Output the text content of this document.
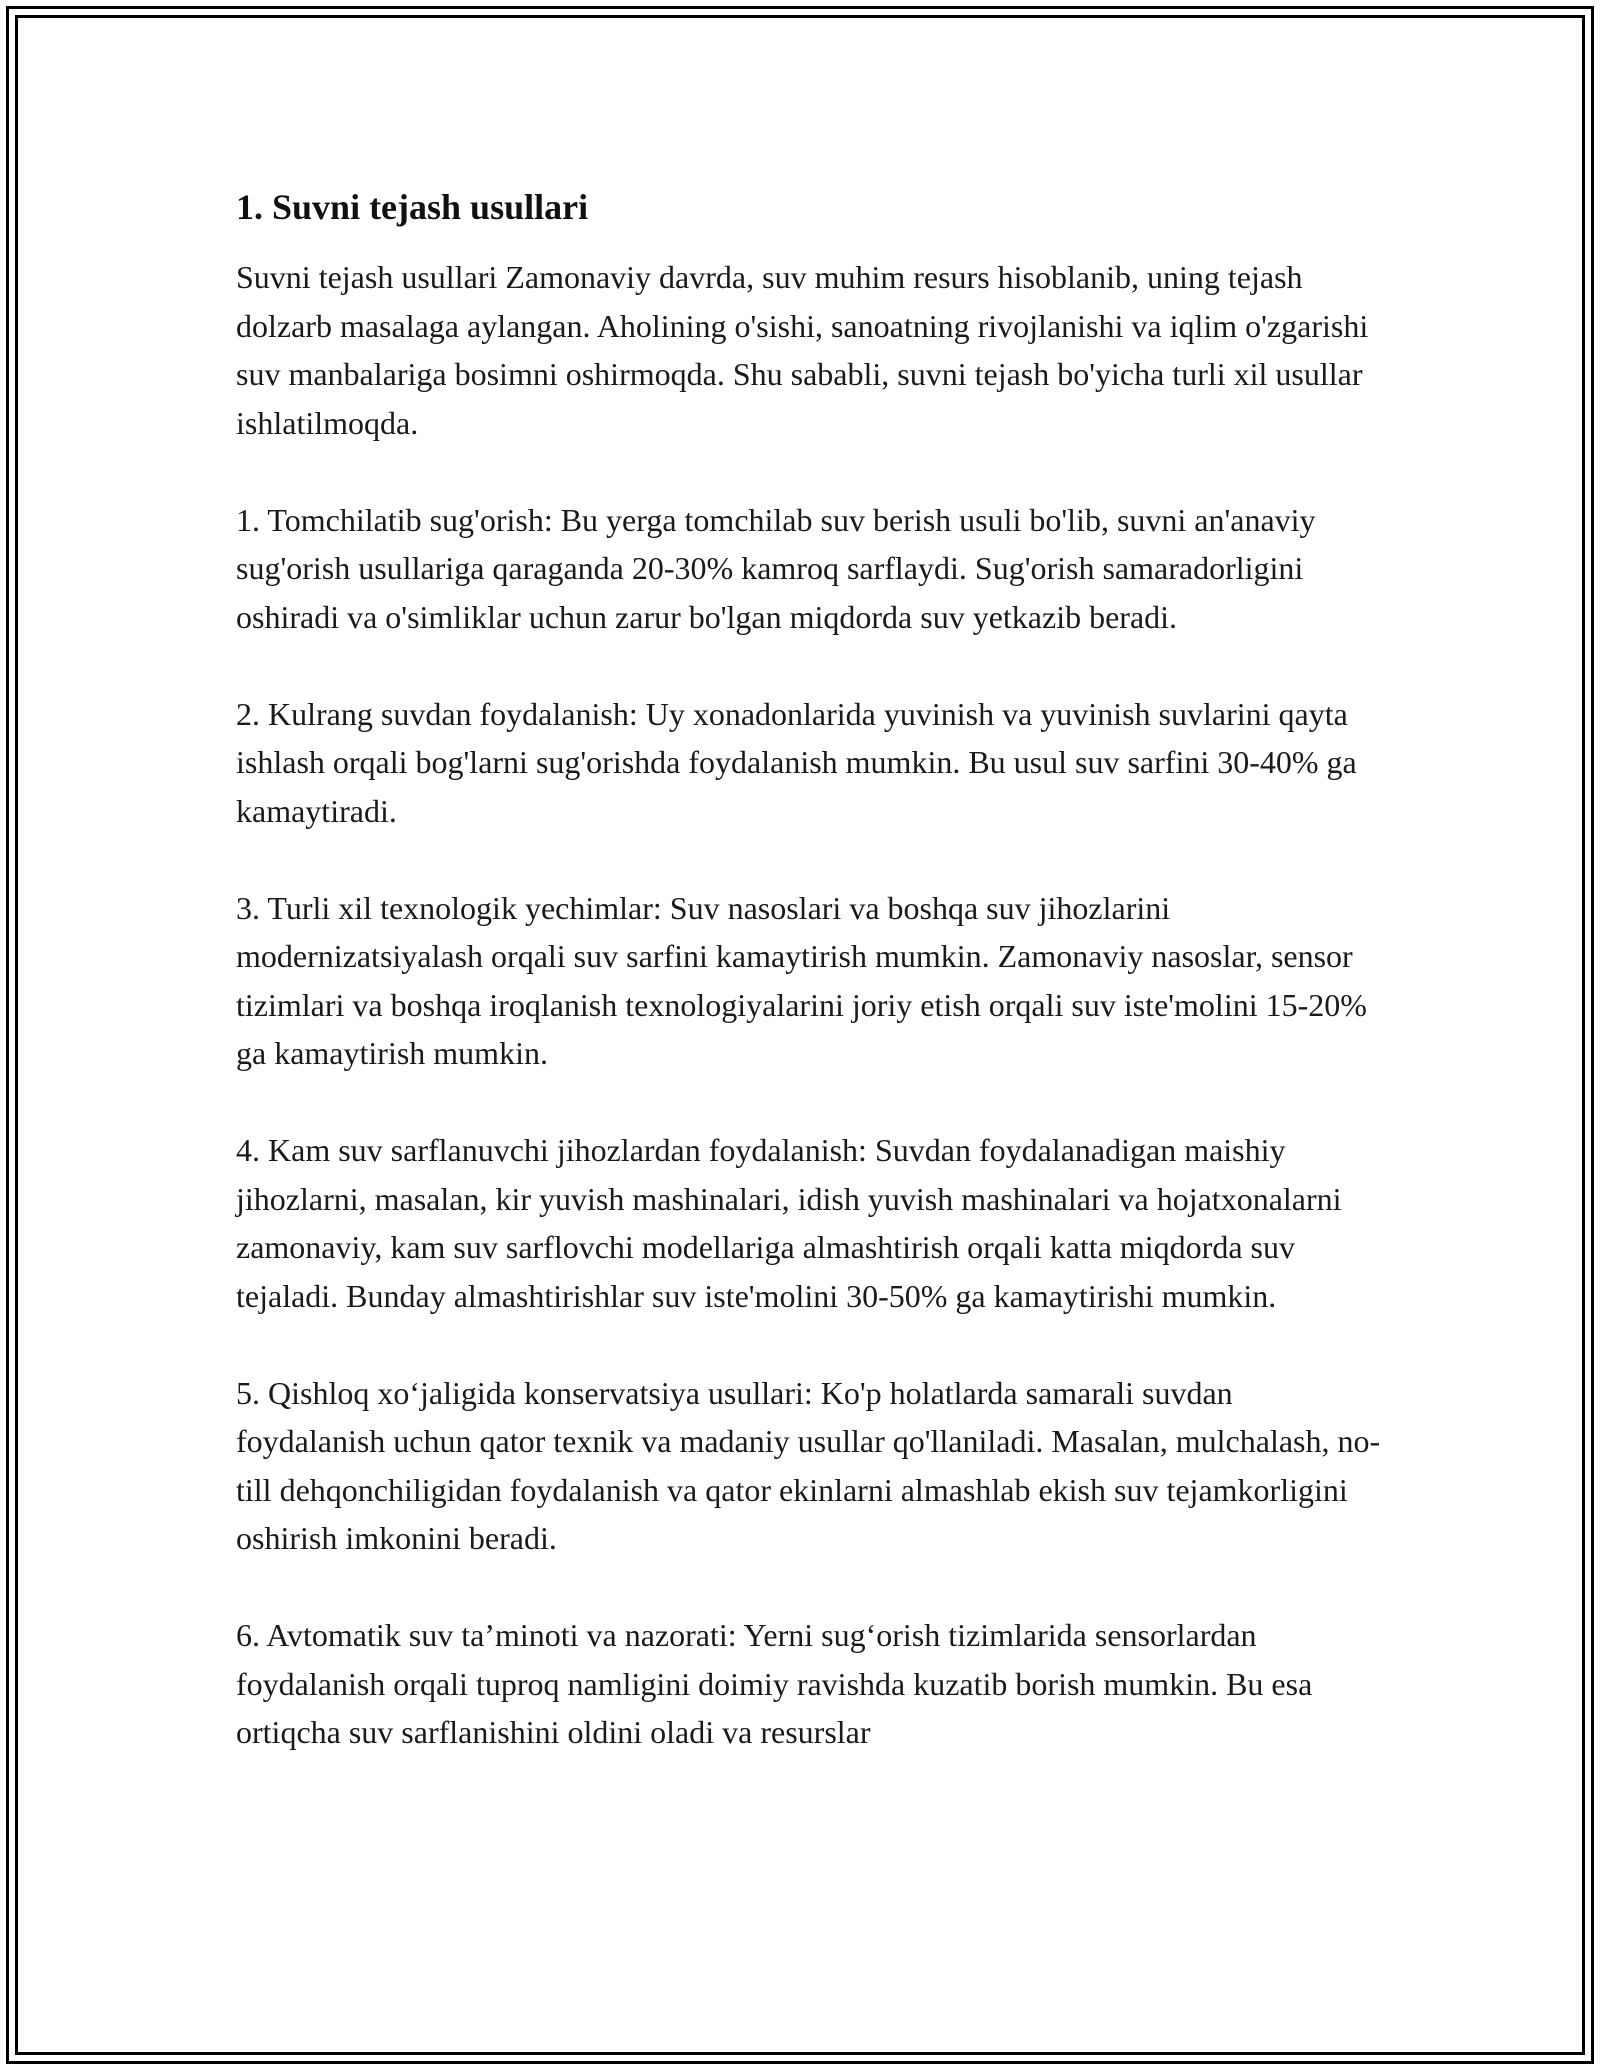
1. Suvni tejash usullari

Suvni tejash usullari Zamonaviy davrda, suv muhim resurs hisoblanib, uning tejash dolzarb masalaga aylangan. Aholining o'sishi, sanoatning rivojlanishi va iqlim o'zgarishi suv manbalariga bosimni oshirmoqda. Shu sababli, suvni tejash bo'yicha turli xil usullar ishlatilmoqda.

1. Tomchilatib sug'orish: Bu yerga tomchilab suv berish usuli bo'lib, suvni an'anaviy sug'orish usullariga qaraganda 20-30% kamroq sarflaydi. Sug'orish samaradorligini oshiradi va o'simliklar uchun zarur bo'lgan miqdorda suv yetkazib beradi.

2. Kulrang suvdan foydalanish: Uy xonadonlarida yuvinish va yuvinish suvlarini qayta ishlash orqali bog'larni sug'orishda foydalanish mumkin. Bu usul suv sarfini 30-40% ga kamaytiradi.

3. Turli xil texnologik yechimlar: Suv nasoslari va boshqa suv jihozlarini modernizatsiyalash orqali suv sarfini kamaytirish mumkin. Zamonaviy nasoslar, sensor tizimlari va boshqa iroqlanish texnologiyalarini joriy etish orqali suv iste'molini 15-20% ga kamaytirish mumkin.

4. Kam suv sarflanuvchi jihozlardan foydalanish: Suvdan foydalanadigan maishiy jihozlarni, masalan, kir yuvish mashinalari, idish yuvish mashinalari va hojatxonalarni zamonaviy, kam suv sarflovchi modellariga almashtirish orqali katta miqdorda suv tejaladi. Bunday almashtirishlar suv iste'molini 30-50% ga kamaytirishi mumkin.

5. Qishloq xo‘jaligida konservatsiya usullari: Ko'p holatlarda samarali suvdan foydalanish uchun qator texnik va madaniy usullar qo'llaniladi. Masalan, mulchalash, no-till dehqonchiligidan foydalanish va qator ekinlarni almashlab ekish suv tejamkorligini oshirish imkonini beradi.

6. Avtomatik suv ta’minoti va nazorati: Yerni sug‘orish tizimlarida sensorlardan foydalanish orqali tuproq namligini doimiy ravishda kuzatib borish mumkin. Bu esa ortiqcha suv sarflanishini oldini oladi va resurslar
